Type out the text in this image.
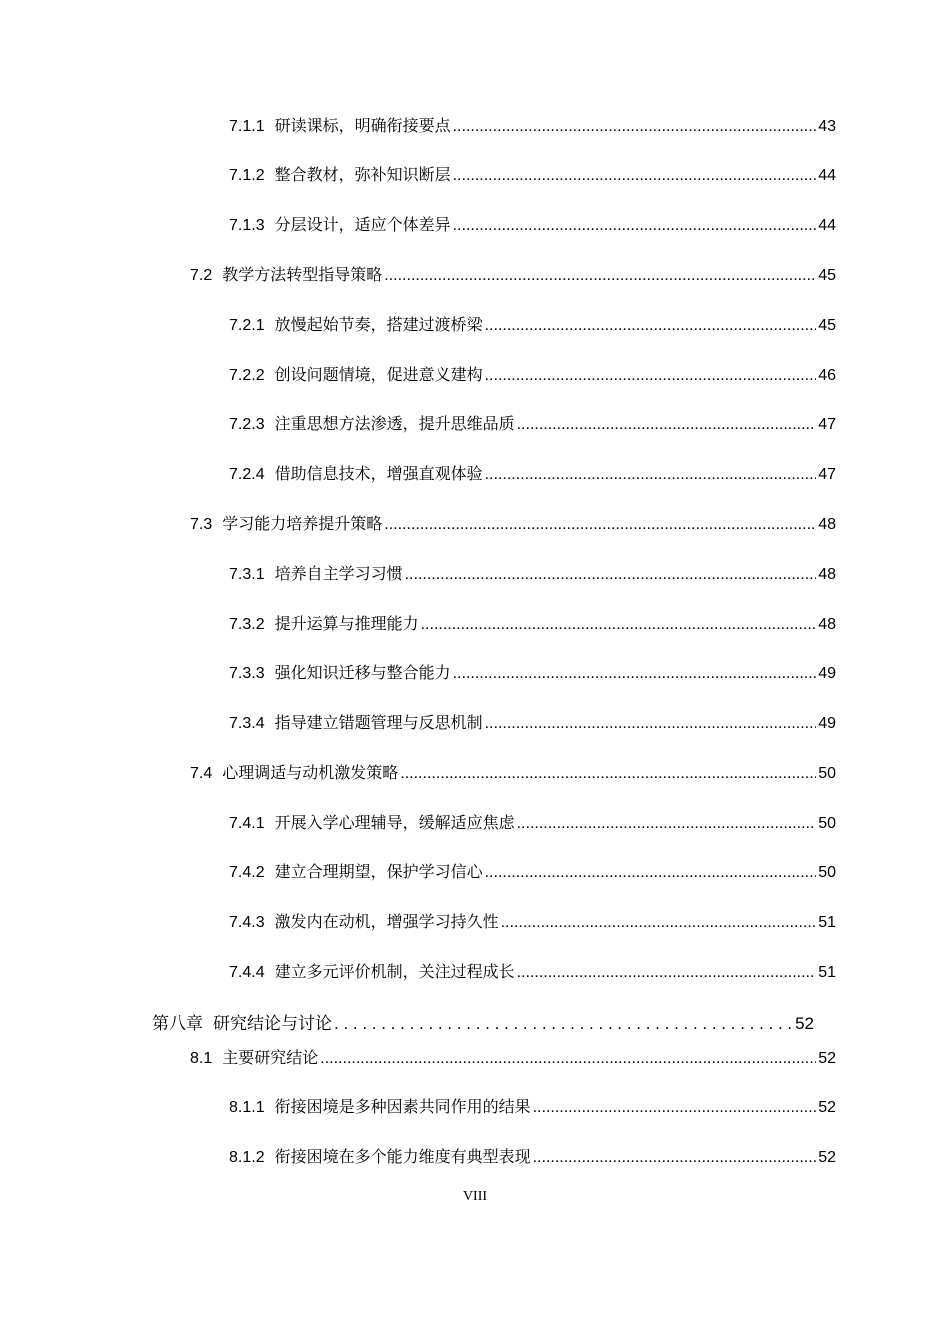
7.1.1 研读课标，明确衔接要点 .....	43
7.1.2 整合教材，弥补知识断层 .....	44
7.1.3 分层设计，适应个体差异 .....	44
7.2 教学方法转型指导策略 .....	45
7.2.1 放慢起始节奏，搭建过渡桥梁 .....	45
7.2.2 创设问题情境，促进意义建构 .....	46
7.2.3 注重思想方法渗透，提升思维品质 .....	47
7.2.4 借助信息技术，增强直观体验 .....	47
7.3 学习能力培养提升策略 .....	48
7.3.1 培养自主学习习惯 .....	48
7.3.2 提升运算与推理能力 .....	48
7.3.3 强化知识迁移与整合能力 .....	49
7.3.4 指导建立错题管理与反思机制 .....	49
7.4 心理调适与动机激发策略 .....	50
7.4.1 开展入学心理辅导，缓解适应焦虑 .....	50
7.4.2 建立合理期望，保护学习信心 .....	50
7.4.3 激发内在动机，增强学习持久性 .....	51
7.4.4 建立多元评价机制，关注过程成长 .....	51
第八章 研究结论与讨论 . . .	52
8.1 主要研究结论 .....	52
8.1.1 衔接困境是多种因素共同作用的结果 .....	52
8.1.2 衔接困境在多个能力维度有典型表现 .....	52
VIII
